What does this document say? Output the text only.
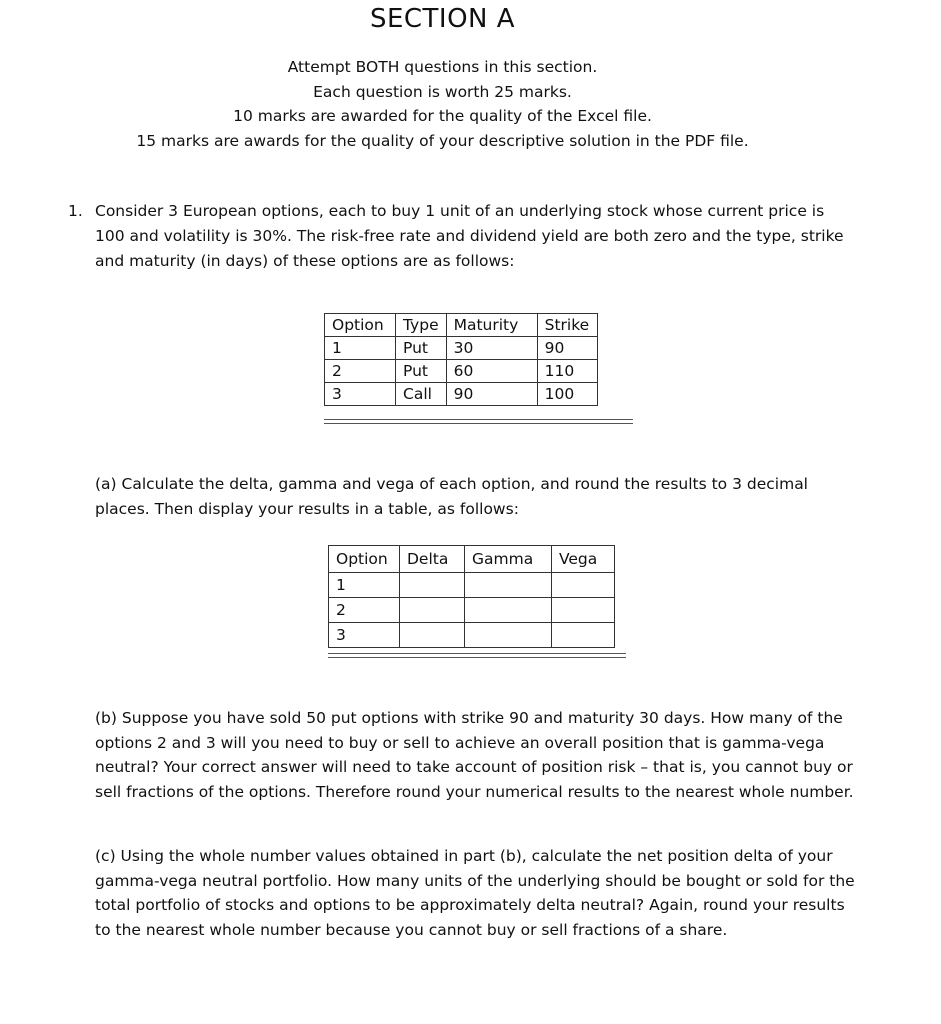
SECTION A
Attempt BOTH questions in this section.
Each question is worth 25 marks.
10 marks are awarded for the quality of the Excel file.
15 marks are awards for the quality of your descriptive solution in the PDF file.
1. Consider 3 European options, each to buy 1 unit of an underlying stock whose current price is 100 and volatility is 30%. The risk-free rate and dividend yield are both zero and the type, strike and maturity (in days) of these options are as follows:
Option	Type	Maturity	Strike
1	Put	30	90
2	Put	60	110
3	Call	90	100
(a) Calculate the delta, gamma and vega of each option, and round the results to 3 decimal places. Then display your results in a table, as follows:
Option	Delta	Gamma	Vega
1			
2			
3			
(b) Suppose you have sold 50 put options with strike 90 and maturity 30 days. How many of the options 2 and 3 will you need to buy or sell to achieve an overall position that is gamma-vega neutral? Your correct answer will need to take account of position risk – that is, you cannot buy or sell fractions of the options. Therefore round your numerical results to the nearest whole number.
(c) Using the whole number values obtained in part (b), calculate the net position delta of your gamma-vega neutral portfolio. How many units of the underlying should be bought or sold for the total portfolio of stocks and options to be approximately delta neutral? Again, round your results to the nearest whole number because you cannot buy or sell fractions of a share.
